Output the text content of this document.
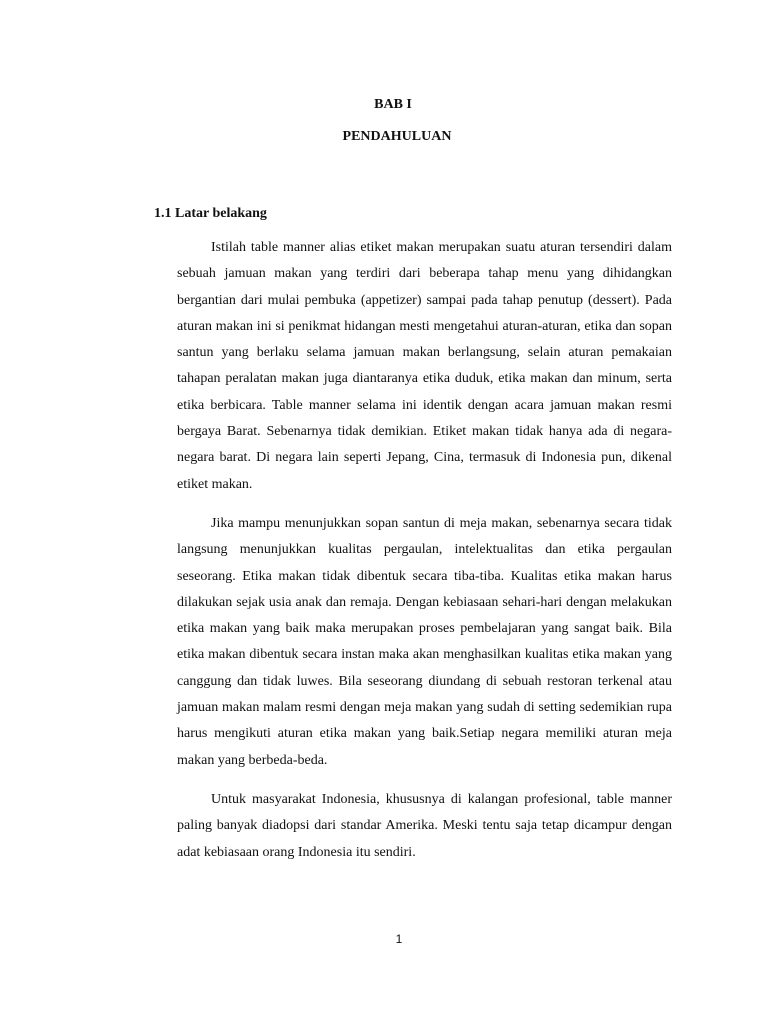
BAB I
PENDAHULUAN
1.1 Latar belakang

Istilah table manner alias etiket makan merupakan suatu aturan tersendiri dalam sebuah jamuan makan yang terdiri dari beberapa tahap menu yang dihidangkan bergantian dari mulai pembuka (appetizer) sampai pada tahap penutup (dessert). Pada aturan makan ini si penikmat hidangan mesti mengetahui aturan-aturan, etika dan sopan santun yang berlaku selama jamuan makan berlangsung, selain aturan pemakaian tahapan peralatan makan juga diantaranya etika duduk, etika makan dan minum, serta etika berbicara. Table manner selama ini identik dengan acara jamuan makan resmi bergaya Barat. Sebenarnya tidak demikian. Etiket makan tidak hanya ada di negara-negara barat. Di negara lain seperti Jepang, Cina, termasuk di Indonesia pun, dikenal etiket makan.

Jika mampu menunjukkan sopan santun di meja makan, sebenarnya secara tidak langsung menunjukkan kualitas pergaulan, intelektualitas dan etika pergaulan seseorang. Etika makan tidak dibentuk secara tiba-tiba. Kualitas etika makan harus dilakukan sejak usia anak dan remaja. Dengan kebiasaan sehari-hari dengan melakukan etika makan yang baik maka merupakan proses pembelajaran yang sangat baik. Bila etika makan dibentuk secara instan maka akan menghasilkan kualitas etika makan yang canggung dan tidak luwes. Bila seseorang diundang di sebuah restoran terkenal atau jamuan makan malam resmi dengan meja makan yang sudah di setting sedemikian rupa harus mengikuti aturan etika makan yang baik.Setiap negara memiliki aturan meja makan yang berbeda-beda.

Untuk masyarakat Indonesia, khususnya di kalangan profesional, table manner paling banyak diadopsi dari standar Amerika. Meski tentu saja tetap dicampur dengan adat kebiasaan orang Indonesia itu sendiri.

1
